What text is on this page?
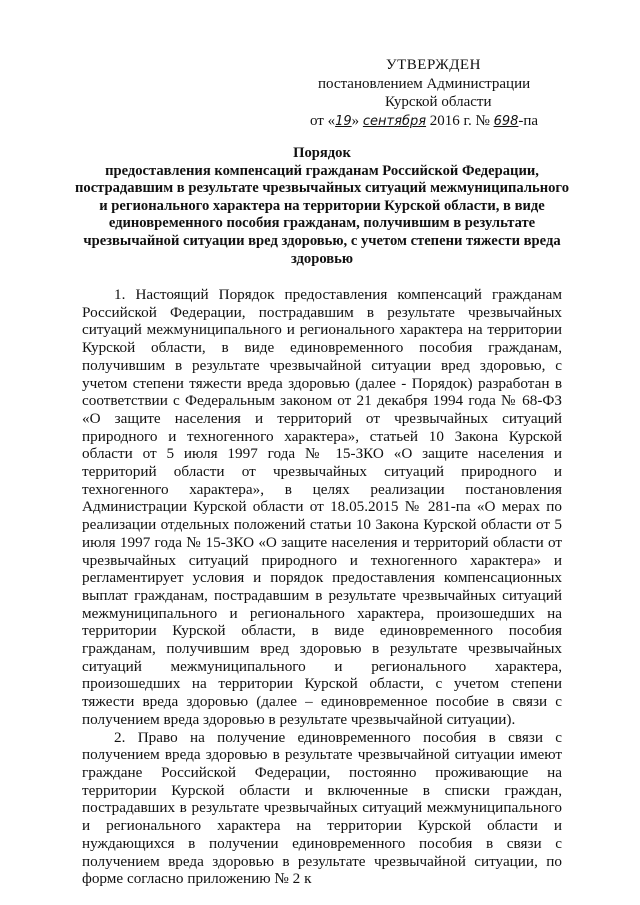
УТВЕРЖДЕН
постановлением Администрации
Курской области
от «19» сентября 2016 г. № 698-па
Порядок
предоставления компенсаций гражданам Российской Федерации, пострадавшим в результате чрезвычайных ситуаций межмуниципального и регионального характера на территории Курской области, в виде единовременного пособия гражданам, получившим в результате чрезвычайной ситуации вред здоровью, с учетом степени тяжести вреда здоровью

1. Настоящий Порядок предоставления компенсаций гражданам Российской Федерации, пострадавшим в результате чрезвычайных ситуаций межмуниципального и регионального характера на территории Курской области, в виде единовременного пособия гражданам, получившим в результате чрезвычайной ситуации вред здоровью, с учетом степени тяжести вреда здоровью (далее - Порядок) разработан в соответствии с Федеральным законом от 21 декабря 1994 года № 68-ФЗ «О защите населения и территорий от чрезвычайных ситуаций природного и техногенного характера», статьей 10 Закона Курской области от 5 июля 1997 года № 15-ЗКО «О защите населения и территорий области от чрезвычайных ситуаций природного и техногенного характера», в целях реализации постановления Администрации Курской области от 18.05.2015 № 281-па «О мерах по реализации отдельных положений статьи 10 Закона Курской области от 5 июля 1997 года № 15-ЗКО «О защите населения и территорий области от чрезвычайных ситуаций природного и техногенного характера» и регламентирует условия и порядок предоставления компенсационных выплат гражданам, пострадавшим в результате чрезвычайных ситуаций межмуниципального и регионального характера, произошедших на территории Курской области, в виде единовременного пособия гражданам, получившим вред здоровью в результате чрезвычайных ситуаций межмуниципального и регионального характера, произошедших на территории Курской области, с учетом степени тяжести вреда здоровью (далее – единовременное пособие в связи с получением вреда здоровью в результате чрезвычайной ситуации).

2. Право на получение единовременного пособия в связи с получением вреда здоровью в результате чрезвычайной ситуации имеют граждане Российской Федерации, постоянно проживающие на территории Курской области и включенные в списки граждан, пострадавших в результате чрезвычайных ситуаций межмуниципального и регионального характера на территории Курской области и нуждающихся в получении единовременного пособия в связи с получением вреда здоровью в результате чрезвычайной ситуации, по форме согласно приложению № 2 к
